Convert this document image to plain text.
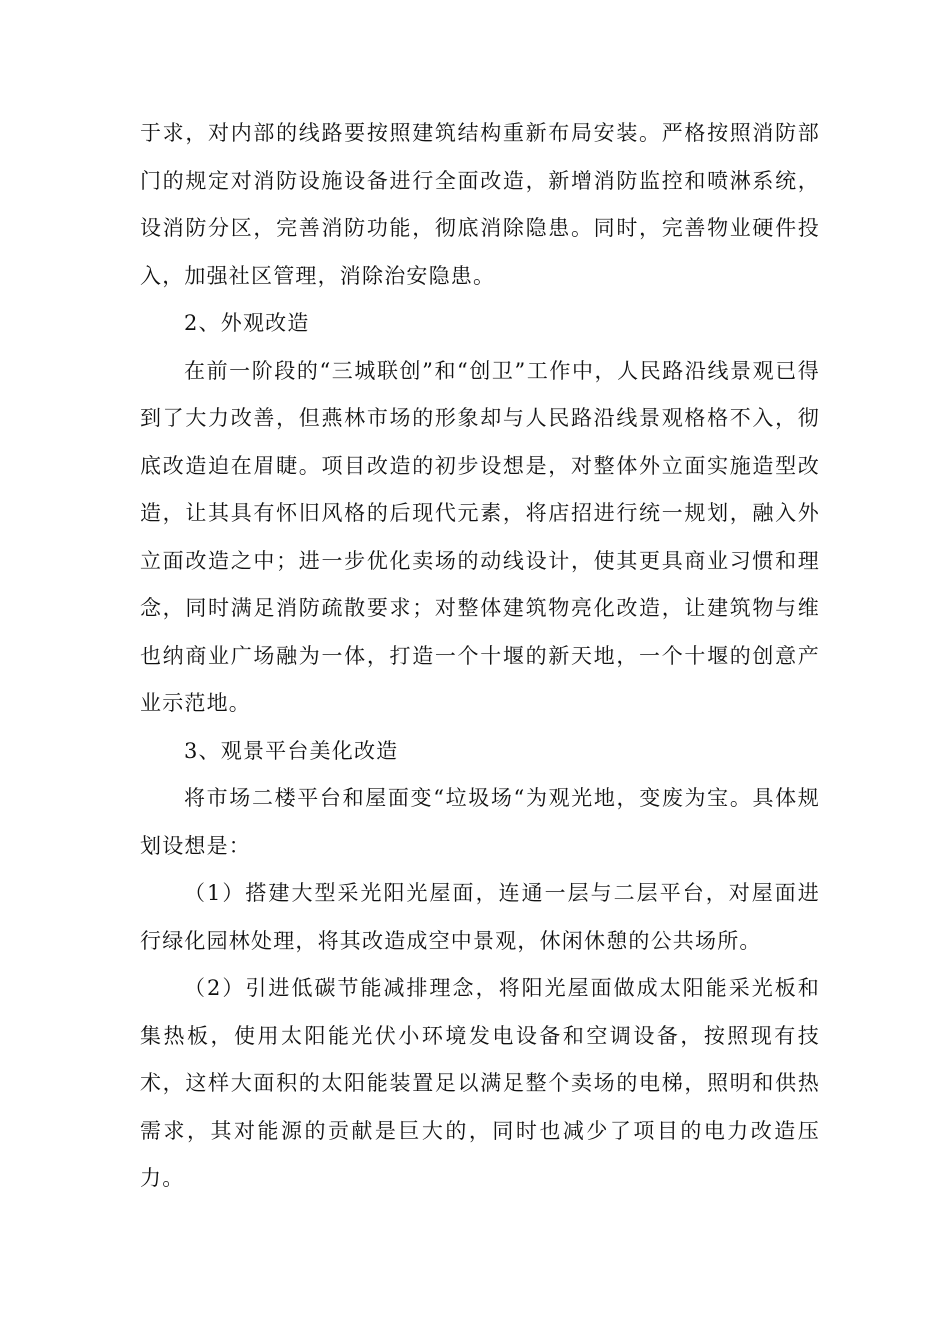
于求，对内部的线路要按照建筑结构重新布局安装。严格按照消防部门的规定对消防设施设备进行全面改造，新增消防监控和喷淋系统，设消防分区，完善消防功能，彻底消除隐患。同时，完善物业硬件投入，加强社区管理，消除治安隐患。

2、外观改造

在前一阶段的“三城联创”和“创卫”工作中，人民路沿线景观已得到了大力改善，但燕林市场的形象却与人民路沿线景观格格不入，彻底改造迫在眉睫。项目改造的初步设想是，对整体外立面实施造型改造，让其具有怀旧风格的后现代元素，将店招进行统一规划，融入外立面改造之中；进一步优化卖场的动线设计，使其更具商业习惯和理念，同时满足消防疏散要求；对整体建筑物亮化改造，让建筑物与维也纳商业广场融为一体，打造一个十堰的新天地，一个十堰的创意产业示范地。

3、观景平台美化改造

将市场二楼平台和屋面变“垃圾场“为观光地，变废为宝。具体规划设想是：

（1）搭建大型采光阳光屋面，连通一层与二层平台，对屋面进行绿化园林处理，将其改造成空中景观，休闲休憩的公共场所。

（2）引进低碳节能减排理念，将阳光屋面做成太阳能采光板和集热板，使用太阳能光伏小环境发电设备和空调设备，按照现有技术，这样大面积的太阳能装置足以满足整个卖场的电梯，照明和供热需求，其对能源的贡献是巨大的，同时也减少了项目的电力改造压力。
